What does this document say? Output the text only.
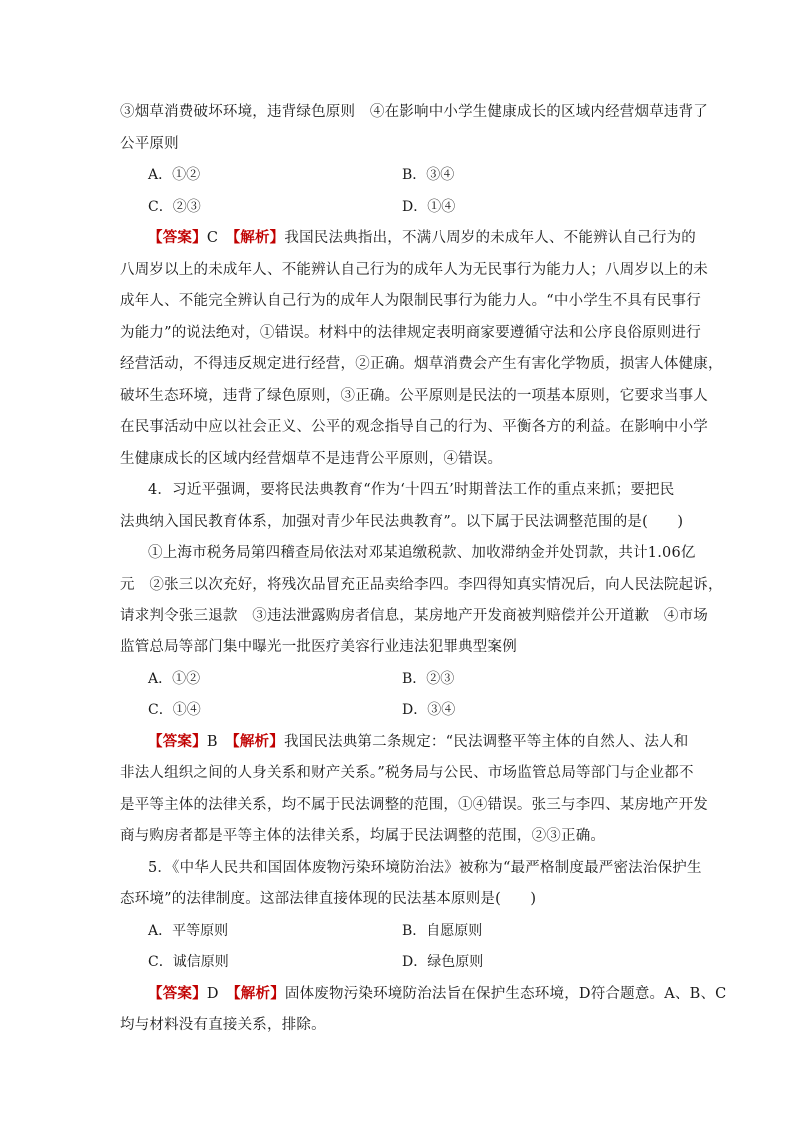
③烟草消费破坏环境，违背绿色原则　④在影响中小学生健康成长的区域内经营烟草违背了
公平原则
A．①②	B．③④
C．②③	D．①④
【答案】C　 【解析】我国民法典指出，不满八周岁的未成年人、不能辨认自己行为的
八周岁以上的未成年人、不能辨认自己行为的成年人为无民事行为能力人；八周岁以上的未
成年人、不能完全辨认自己行为的成年人为限制民事行为能力人。“中小学生不具有民事行
为能力”的说法绝对，①错误。材料中的法律规定表明商家要遵循守法和公序良俗原则进行
经营活动，不得违反规定进行经营，②正确。烟草消费会产生有害化学物质，损害人体健康，
破坏生态环境，违背了绿色原则，③正确。公平原则是民法的一项基本原则，它要求当事人
在民事活动中应以社会正义、公平的观念指导自己的行为、平衡各方的利益。在影响中小学
生健康成长的区域内经营烟草不是违背公平原则，④错误。
4．习近平强调，要将民法典教育“作为‘十四五’时期普法工作的重点来抓；要把民
法典纳入国民教育体系，加强对青少年民法典教育”。以下属于民法调整范围的是(　　)
①上海市税务局第四稽查局依法对邓某追缴税款、加收滞纳金并处罚款，共计1.06亿
元　②张三以次充好，将残次品冒充正品卖给李四。李四得知真实情况后，向人民法院起诉，
请求判令张三退款　③违法泄露购房者信息，某房地产开发商被判赔偿并公开道歉　④市场
监管总局等部门集中曝光一批医疗美容行业违法犯罪典型案例
A．①②	B．②③
C．①④	D．③④
【答案】B　 【解析】我国民法典第二条规定：“民法调整平等主体的自然人、法人和
非法人组织之间的人身关系和财产关系。”税务局与公民、市场监管总局等部门与企业都不
是平等主体的法律关系，均不属于民法调整的范围，①④错误。张三与李四、某房地产开发
商与购房者都是平等主体的法律关系，均属于民法调整的范围，②③正确。
5．《中华人民共和国固体废物污染环境防治法》被称为“最严格制度最严密法治保护生
态环境”的法律制度。这部法律直接体现的民法基本原则是(　　)
A．平等原则	B．自愿原则
C．诚信原则	D．绿色原则
【答案】D　 【解析】固体废物污染环境防治法旨在保护生态环境，D符合题意。A、B、C
均与材料没有直接关系，排除。
